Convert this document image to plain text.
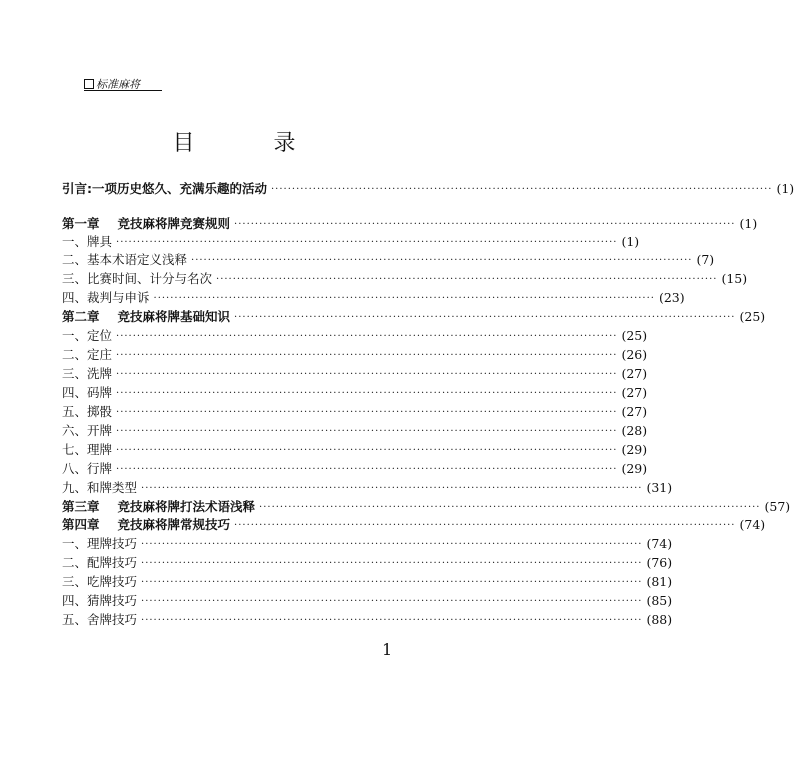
标准麻将
目 录
引言:一项历史悠久、充满乐趣的活动 ························································································································ (1)
第一章 竞技麻将牌竞赛规则 ························································································································ (1)
一、牌具 ························································································································ (1)
二、基本术语定义浅释 ························································································································ (7)
三、比赛时间、计分与名次 ························································································································ (15)
四、裁判与申诉 ························································································································ (23)
第二章 竞技麻将牌基础知识 ························································································································ (25)
一、定位 ························································································································ (25)
二、定庄 ························································································································ (26)
三、洗牌 ························································································································ (27)
四、码牌 ························································································································ (27)
五、掷骰 ························································································································ (27)
六、开牌 ························································································································ (28)
七、理牌 ························································································································ (29)
八、行牌 ························································································································ (29)
九、和牌类型 ························································································································ (31)
第三章 竞技麻将牌打法术语浅释 ························································································································ (57)
第四章 竞技麻将牌常规技巧 ························································································································ (74)
一、理牌技巧 ························································································································ (74)
二、配牌技巧 ························································································································ (76)
三、吃牌技巧 ························································································································ (81)
四、猜牌技巧 ························································································································ (85)
五、舍牌技巧 ························································································································ (88)
1
